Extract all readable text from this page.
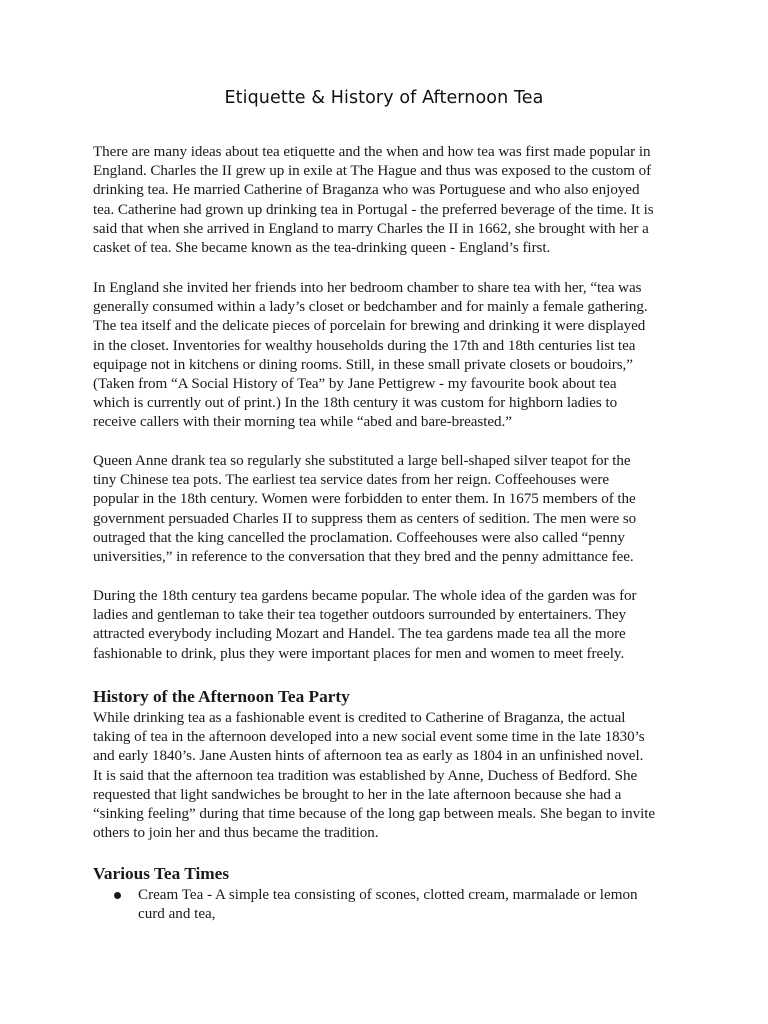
Etiquette & History of Afternoon Tea

There are many ideas about tea etiquette and the when and how tea was first made popular in
England. Charles the II grew up in exile at The Hague and thus was exposed to the custom of
drinking tea. He married Catherine of Braganza who was Portuguese and who also enjoyed
tea. Catherine had grown up drinking tea in Portugal - the preferred beverage of the time. It is
said that when she arrived in England to marry Charles the II in 1662, she brought with her a
casket of tea. She became known as the tea-drinking queen - England’s first.

In England she invited her friends into her bedroom chamber to share tea with her, “tea was
generally consumed within a lady’s closet or bedchamber and for mainly a female gathering.
The tea itself and the delicate pieces of porcelain for brewing and drinking it were displayed
in the closet. Inventories for wealthy households during the 17th and 18th centuries list tea
equipage not in kitchens or dining rooms. Still, in these small private closets or boudoirs,”
(Taken from “A Social History of Tea” by Jane Pettigrew - my favourite book about tea
which is currently out of print.) In the 18th century it was custom for highborn ladies to
receive callers with their morning tea while “abed and bare-breasted.”

Queen Anne drank tea so regularly she substituted a large bell-shaped silver teapot for the
tiny Chinese tea pots. The earliest tea service dates from her reign. Coffeehouses were
popular in the 18th century. Women were forbidden to enter them. In 1675 members of the
government persuaded Charles II to suppress them as centers of sedition. The men were so
outraged that the king cancelled the proclamation. Coffeehouses were also called “penny
universities,” in reference to the conversation that they bred and the penny admittance fee.

During the 18th century tea gardens became popular. The whole idea of the garden was for
ladies and gentleman to take their tea together outdoors surrounded by entertainers. They
attracted everybody including Mozart and Handel. The tea gardens made tea all the more
fashionable to drink, plus they were important places for men and women to meet freely.

History of the Afternoon Tea Party

While drinking tea as a fashionable event is credited to Catherine of Braganza, the actual
taking of tea in the afternoon developed into a new social event some time in the late 1830’s
and early 1840’s. Jane Austen hints of afternoon tea as early as 1804 in an unfinished novel.
It is said that the afternoon tea tradition was established by Anne, Duchess of Bedford. She
requested that light sandwiches be brought to her in the late afternoon because she had a
“sinking feeling” during that time because of the long gap between meals. She began to invite
others to join her and thus became the tradition.

Various Tea Times
Cream Tea - A simple tea consisting of scones, clotted cream, marmalade or lemon
curd and tea,
